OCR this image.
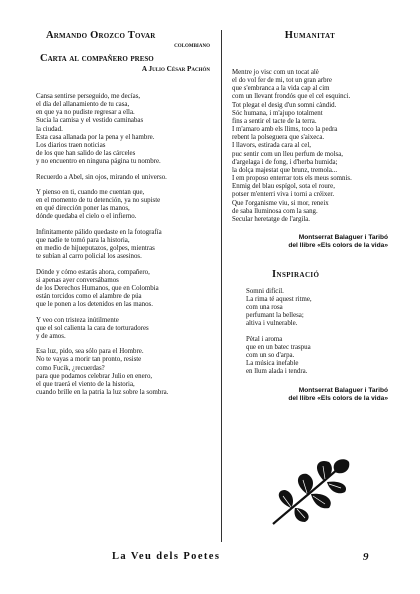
Armando Orozco Tovar
colombiano
Carta al compañero preso
A Julio César Pachón
Cansa sentirse perseguido, me decías,
el día del allanamiento de tu casa,
en que ya no pudiste regresar a ella.
Sucia la camisa y el vestido caminabas
la ciudad.
Esta casa allanada por la pena y el hambre.
Los diarios traen noticias
de los que han salido de las cárceles
y no encuentro en ninguna página tu nombre.
Recuerdo a Abel, sin ojos, mirando el universo.
Y pienso en ti, cuando me cuentan que,
en el momento de tu detención, ya no supiste
en qué dirección poner las manos,
dónde quedaba el cielo o el infierno.
Infinitamente pálido quedaste en la fotografía
que nadie te tomó para la historia,
en medio de hijueputazos, golpes, mientras
te subían al carro policial los asesinos.
Dónde y cómo estarás ahora, compañero,
si apenas ayer conversábamos
de los Derechos Humanos, que en Colombia
están torcidos como el alambre de púa
que le ponen a los detenidos en las manos.
Y veo con tristeza inútilmente
que el sol calienta la cara de torturadores
y de amos.
Esa luz, pido, sea sólo para el Hombre.
No te vayas a morir tan pronto, resiste
como Fucik, ¿recuerdas?
para que podamos celebrar Julio en enero,
el que traerá el viento de la historia,
cuando brille en la patria la luz sobre la sombra.
Humanitat
Mentre jo visc com un tocat alè
el do vol fer de mi, tot un gran arbre
que s'embranca a la vida cap al cim
com un llevant frondós que el cel esquinci.
Tot plegat el desig d'un somni càndid.
Sóc humana, i m'ajupo totalment
fins a sentir el tacte de la terra.
I m'amaro amb els llims, toco la pedra
rebent la polseguera que s'aixeca.
I llavors, estirada cara al cel,
puc sentir com un lleu perfum de molsa,
d'argelaga i de fong, i d'herba humida;
la dolça majestat que brunz, tremola...
I em proposo enterrar tots els meus somnis.
Enmig del blau espígol, sota el roure,
potser m'enterri viva i torni a créixer.
Que l'organisme viu, si mor, reneix
de saba lluminosa com la sang.
Secular heretatge de l'argila.
Montserrat Balaguer i Taribó
del llibre «Els colors de la vida»
Inspiració
Somni difícil.
La rima té aquest ritme,
com una rosa
perfumant la bellesa;
altiva i vulnerable.
Pètal i aroma
que en un batec traspua
com un so d'arpa.
La música inefable
en llum alada i tendra.
Montserrat Balaguer i Taribó
del llibre «Els colors de la vida»
La Veu dels Poetes	9
